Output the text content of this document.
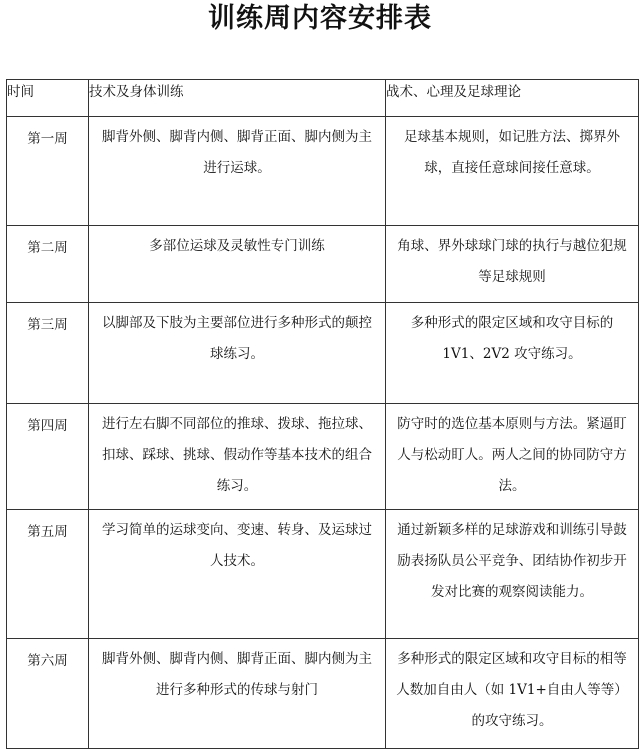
训练周内容安排表
时间	技术及身体训练	战术、心理及足球理论
第一周	脚背外侧、脚背内侧、脚背正面、脚内侧为主进行运球。	足球基本规则，如记胜方法、掷界外球，直接任意球间接任意球。
第二周	多部位运球及灵敏性专门训练	角球、界外球球门球的执行与越位犯规等足球规则
第三周	以脚部及下肢为主要部位进行多种形式的颠控球练习。	多种形式的限定区域和攻守目标的 1V1、2V2 攻守练习。
第四周	进行左右脚不同部位的推球、拨球、拖拉球、扣球、踩球、挑球、假动作等基本技术的组合练习。	防守时的选位基本原则与方法。紧逼盯人与松动盯人。两人之间的协同防守方法。
第五周	学习简单的运球变向、变速、转身、及运球过人技术。	通过新颖多样的足球游戏和训练引导鼓励表扬队员公平竞争、团结协作初步开发对比赛的观察阅读能力。
第六周	脚背外侧、脚背内侧、脚背正面、脚内侧为主进行多种形式的传球与射门	多种形式的限定区域和攻守目标的相等人数加自由人（如 1V1+自由人等等）的攻守练习。
